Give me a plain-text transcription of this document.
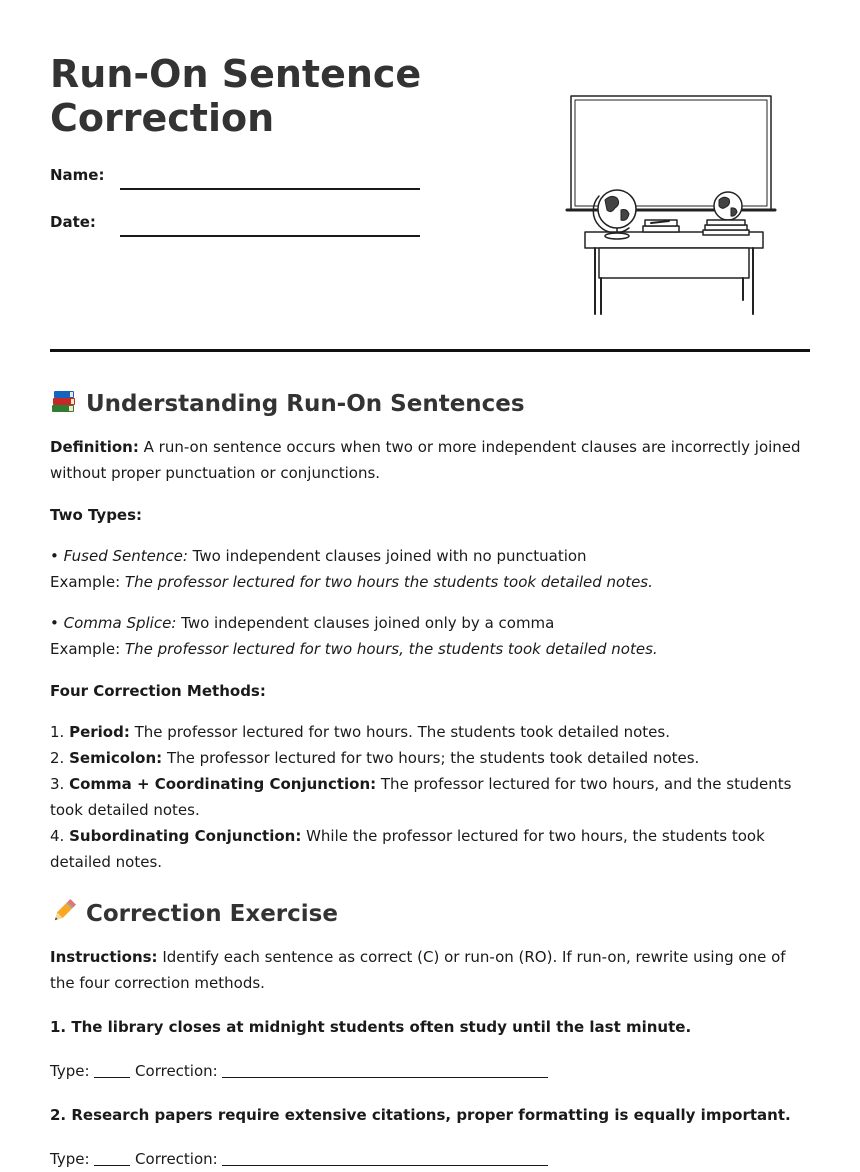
Run-On Sentence Correction
Name:
Date:
Understanding Run-On Sentences

Definition: A run-on sentence occurs when two or more independent clauses are incorrectly joined without proper punctuation or conjunctions.

Two Types:

• Fused Sentence: Two independent clauses joined with no punctuation
Example: The professor lectured for two hours the students took detailed notes.

• Comma Splice: Two independent clauses joined only by a comma
Example: The professor lectured for two hours, the students took detailed notes.

Four Correction Methods:

1. Period: The professor lectured for two hours. The students took detailed notes.
2. Semicolon: The professor lectured for two hours; the students took detailed notes.
3. Comma + Coordinating Conjunction: The professor lectured for two hours, and the students took detailed notes.
4. Subordinating Conjunction: While the professor lectured for two hours, the students took detailed notes.

Correction Exercise

Instructions: Identify each sentence as correct (C) or run-on (RO). If run-on, rewrite using one of the four correction methods.

1. The library closes at midnight students often study until the last minute.

Type:  Correction:

2. Research papers require extensive citations, proper formatting is equally important.

Type:  Correction:
